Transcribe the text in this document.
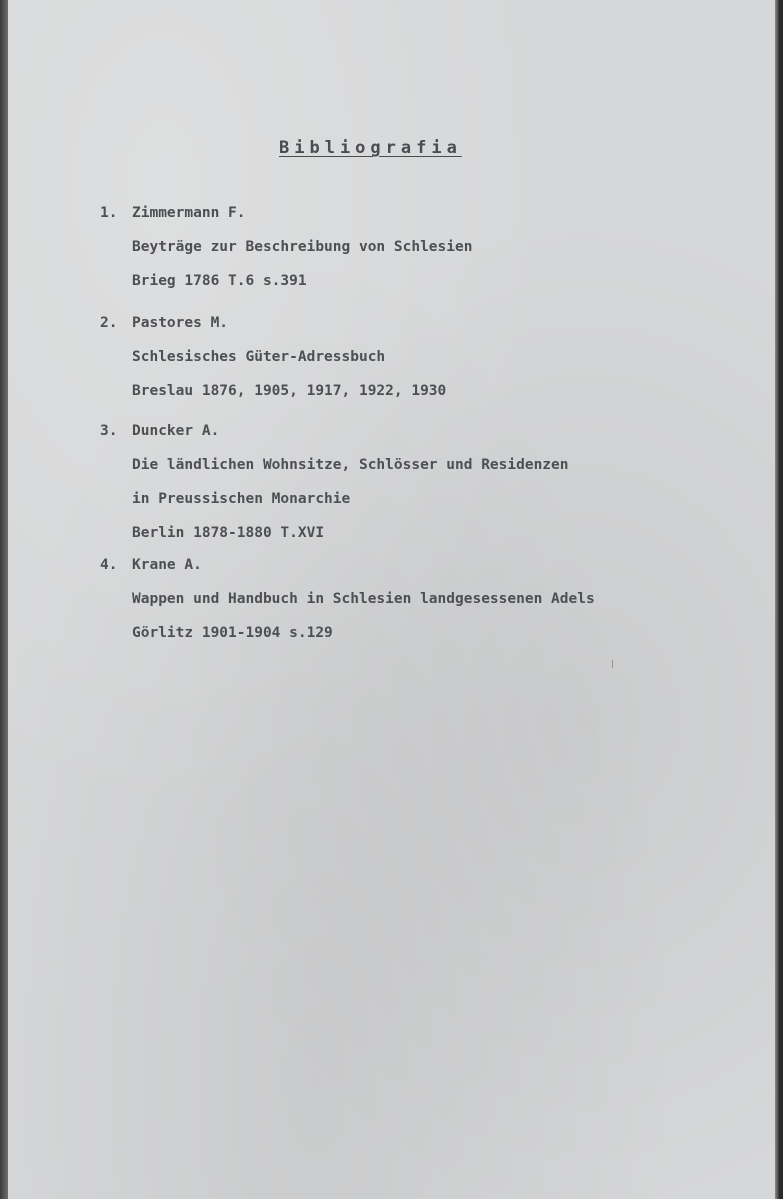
Bibliografia
1. Zimmermann F.
Beyträge zur Beschreibung von Schlesien
Brieg 1786 T.6 s.391
2. Pastores M.
Schlesisches Güter-Adressbuch
Breslau 1876, 1905, 1917, 1922, 1930
3. Duncker A.
Die ländlichen Wohnsitze, Schlösser und Residenzen
in Preussischen Monarchie
Berlin 1878-1880 T.XVI
4. Krane A.
Wappen und Handbuch in Schlesien landgesessenen Adels
Görlitz 1901-1904 s.129
